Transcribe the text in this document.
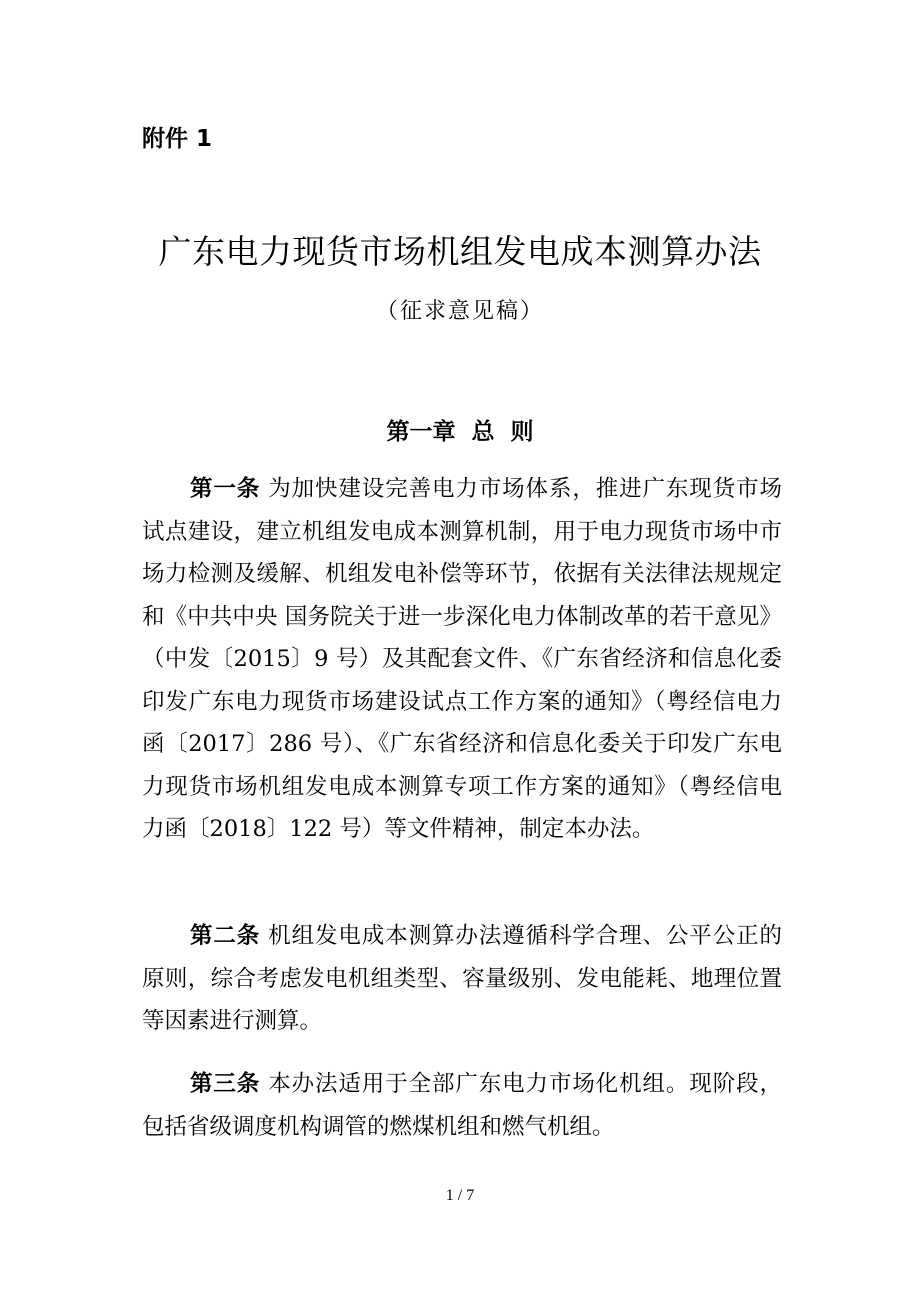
附件 1
广东电力现货市场机组发电成本测算办法
（征求意见稿）
第一章  总  则

第一条 为加快建设完善电力市场体系，推进广东现货市场试点建设，建立机组发电成本测算机制，用于电力现货市场中市场力检测及缓解、机组发电补偿等环节，依据有关法律法规规定和《中共中央 国务院关于进一步深化电力体制改革的若干意见》（中发〔2015〕9 号）及其配套文件、《广东省经济和信息化委印发广东电力现货市场建设试点工作方案的通知》（粤经信电力函〔2017〕286 号）、《广东省经济和信息化委关于印发广东电力现货市场机组发电成本测算专项工作方案的通知》（粤经信电力函〔2018〕122 号）等文件精神，制定本办法。

第二条 机组发电成本测算办法遵循科学合理、公平公正的原则，综合考虑发电机组类型、容量级别、发电能耗、地理位置等因素进行测算。

第三条 本办法适用于全部广东电力市场化机组。现阶段，包括省级调度机构调管的燃煤机组和燃气机组。

1 / 7
